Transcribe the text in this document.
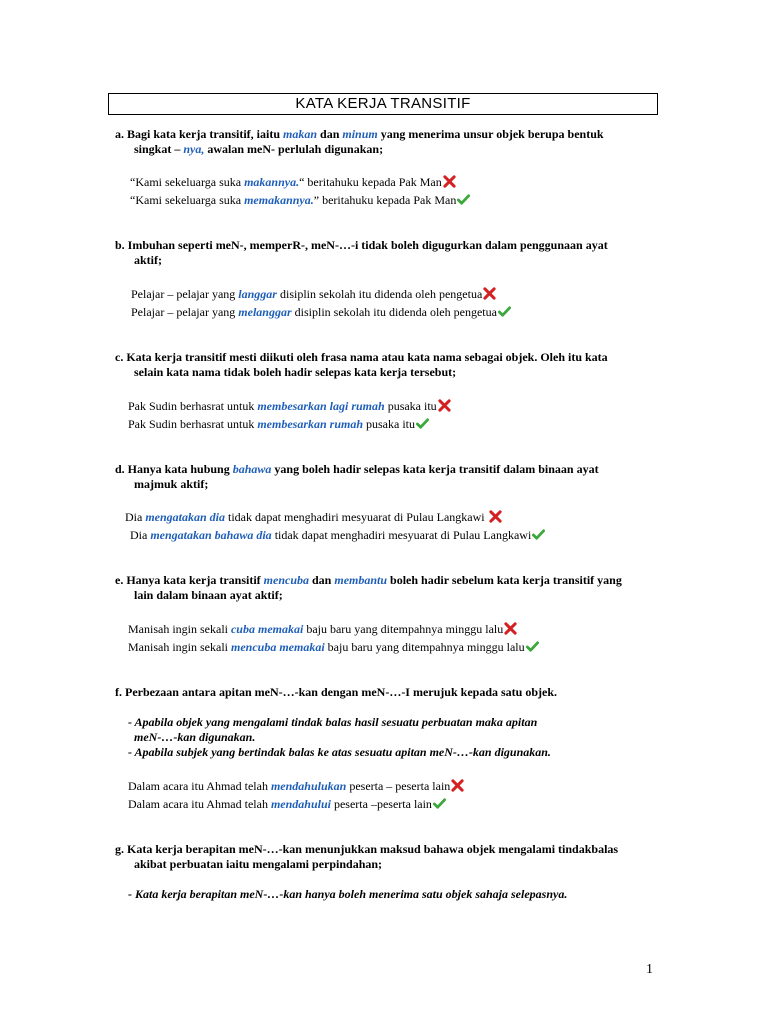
KATA KERJA TRANSITIF
a. Bagi kata kerja transitif, iaitu makan dan minum yang menerima unsur objek berupa bentuk
singkat – nya, awalan meN- perlulah digunakan;
“Kami sekeluarga suka makannya.“ beritahuku kepada Pak Man
“Kami sekeluarga suka memakannya.” beritahuku kepada Pak Man
b. Imbuhan seperti meN-, memperR-, meN-…-i tidak boleh digugurkan dalam penggunaan ayat
aktif;
Pelajar – pelajar yang langgar disiplin sekolah itu didenda oleh pengetua
Pelajar – pelajar yang melanggar disiplin sekolah itu didenda oleh pengetua
c. Kata kerja transitif mesti diikuti oleh frasa nama atau kata nama sebagai objek. Oleh itu kata
selain kata nama tidak boleh hadir selepas kata kerja tersebut;
Pak Sudin berhasrat untuk membesarkan lagi rumah pusaka itu
Pak Sudin berhasrat untuk membesarkan rumah pusaka itu
d. Hanya kata hubung bahawa yang boleh hadir selepas kata kerja transitif dalam binaan ayat
majmuk aktif;
Dia mengatakan dia tidak dapat menghadiri mesyuarat di Pulau Langkawi
Dia mengatakan bahawa dia tidak dapat menghadiri mesyuarat di Pulau Langkawi
e. Hanya kata kerja transitif mencuba dan membantu boleh hadir sebelum kata kerja transitif yang
lain dalam binaan ayat aktif;
Manisah ingin sekali cuba memakai baju baru yang ditempahnya minggu lalu
Manisah ingin sekali mencuba memakai baju baru yang ditempahnya minggu lalu
f. Perbezaan antara apitan meN-…-kan dengan meN-…-I merujuk kepada satu objek.
- Apabila objek yang mengalami tindak balas hasil sesuatu perbuatan maka apitan
meN-…-kan digunakan.
- Apabila subjek yang bertindak balas ke atas sesuatu apitan meN-…-kan digunakan.
Dalam acara itu Ahmad telah mendahulukan peserta – peserta lain
Dalam acara itu Ahmad telah mendahului peserta –peserta lain
g. Kata kerja berapitan meN-…-kan menunjukkan maksud bahawa objek mengalami tindakbalas
akibat perbuatan iaitu mengalami perpindahan;
- Kata kerja berapitan meN-…-kan hanya boleh menerima satu objek sahaja selepasnya.
1
